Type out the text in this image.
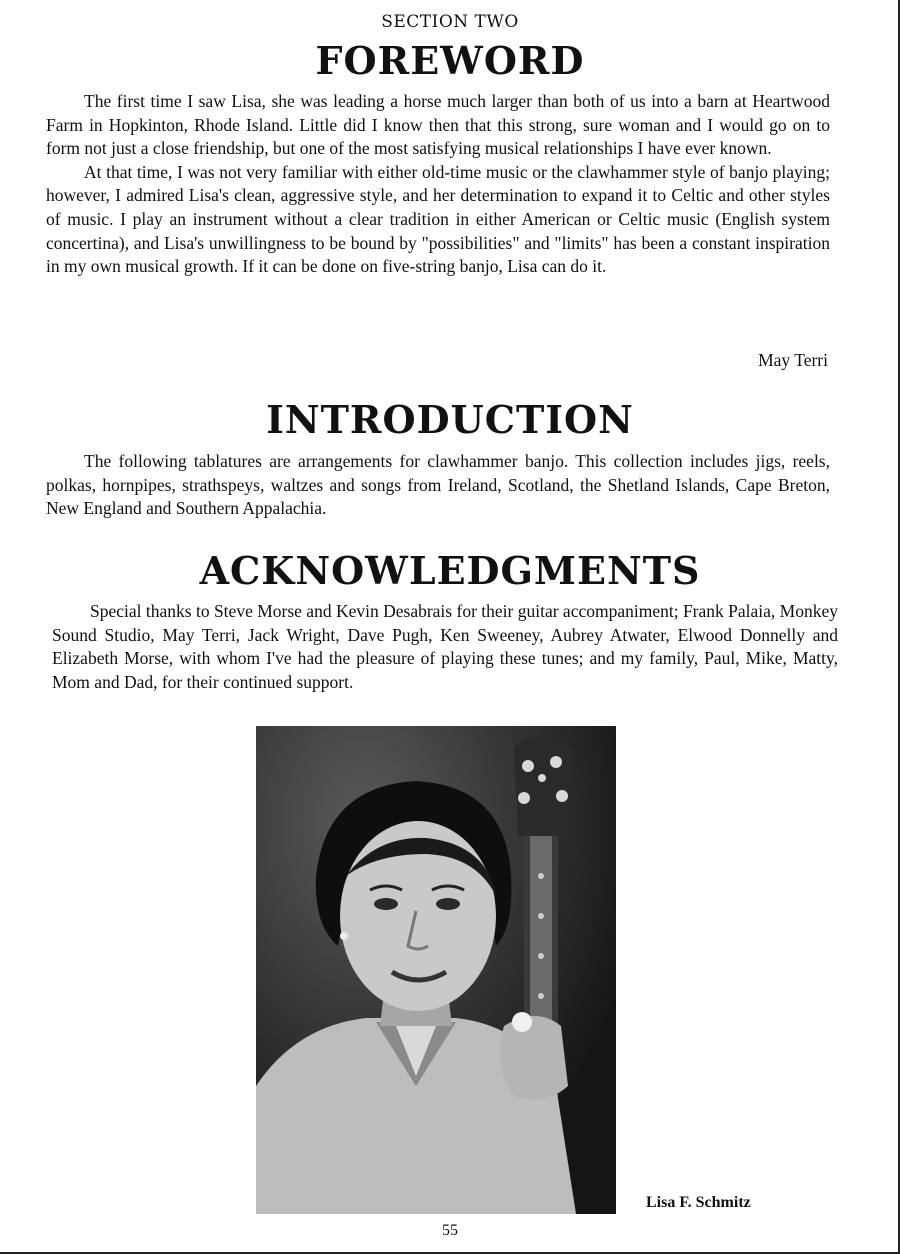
SECTION TWO
FOREWORD

The first time I saw Lisa, she was leading a horse much larger than both of us into a barn at Heartwood Farm in Hopkinton, Rhode Island. Little did I know then that this strong, sure woman and I would go on to form not just a close friendship, but one of the most satisfying musical relationships I have ever known.

At that time, I was not very familiar with either old-time music or the clawhammer style of banjo playing; however, I admired Lisa's clean, aggressive style, and her determination to expand it to Celtic and other styles of music. I play an instrument without a clear tradition in either American or Celtic music (English system concertina), and Lisa's unwillingness to be bound by "possibilities" and "limits" has been a constant inspiration in my own musical growth. If it can be done on five-string banjo, Lisa can do it.

May Terri
INTRODUCTION

The following tablatures are arrangements for clawhammer banjo. This collection includes jigs, reels, polkas, hornpipes, strathspeys, waltzes and songs from Ireland, Scotland, the Shetland Islands, Cape Breton, New England and Southern Appalachia.

ACKNOWLEDGMENTS

Special thanks to Steve Morse and Kevin Desabrais for their guitar accompaniment; Frank Palaia, Monkey Sound Studio, May Terri, Jack Wright, Dave Pugh, Ken Sweeney, Aubrey Atwater, Elwood Donnelly and Elizabeth Morse, with whom I've had the pleasure of playing these tunes; and my family, Paul, Mike, Matty, Mom and Dad, for their continued support.

Lisa F. Schmitz
55
